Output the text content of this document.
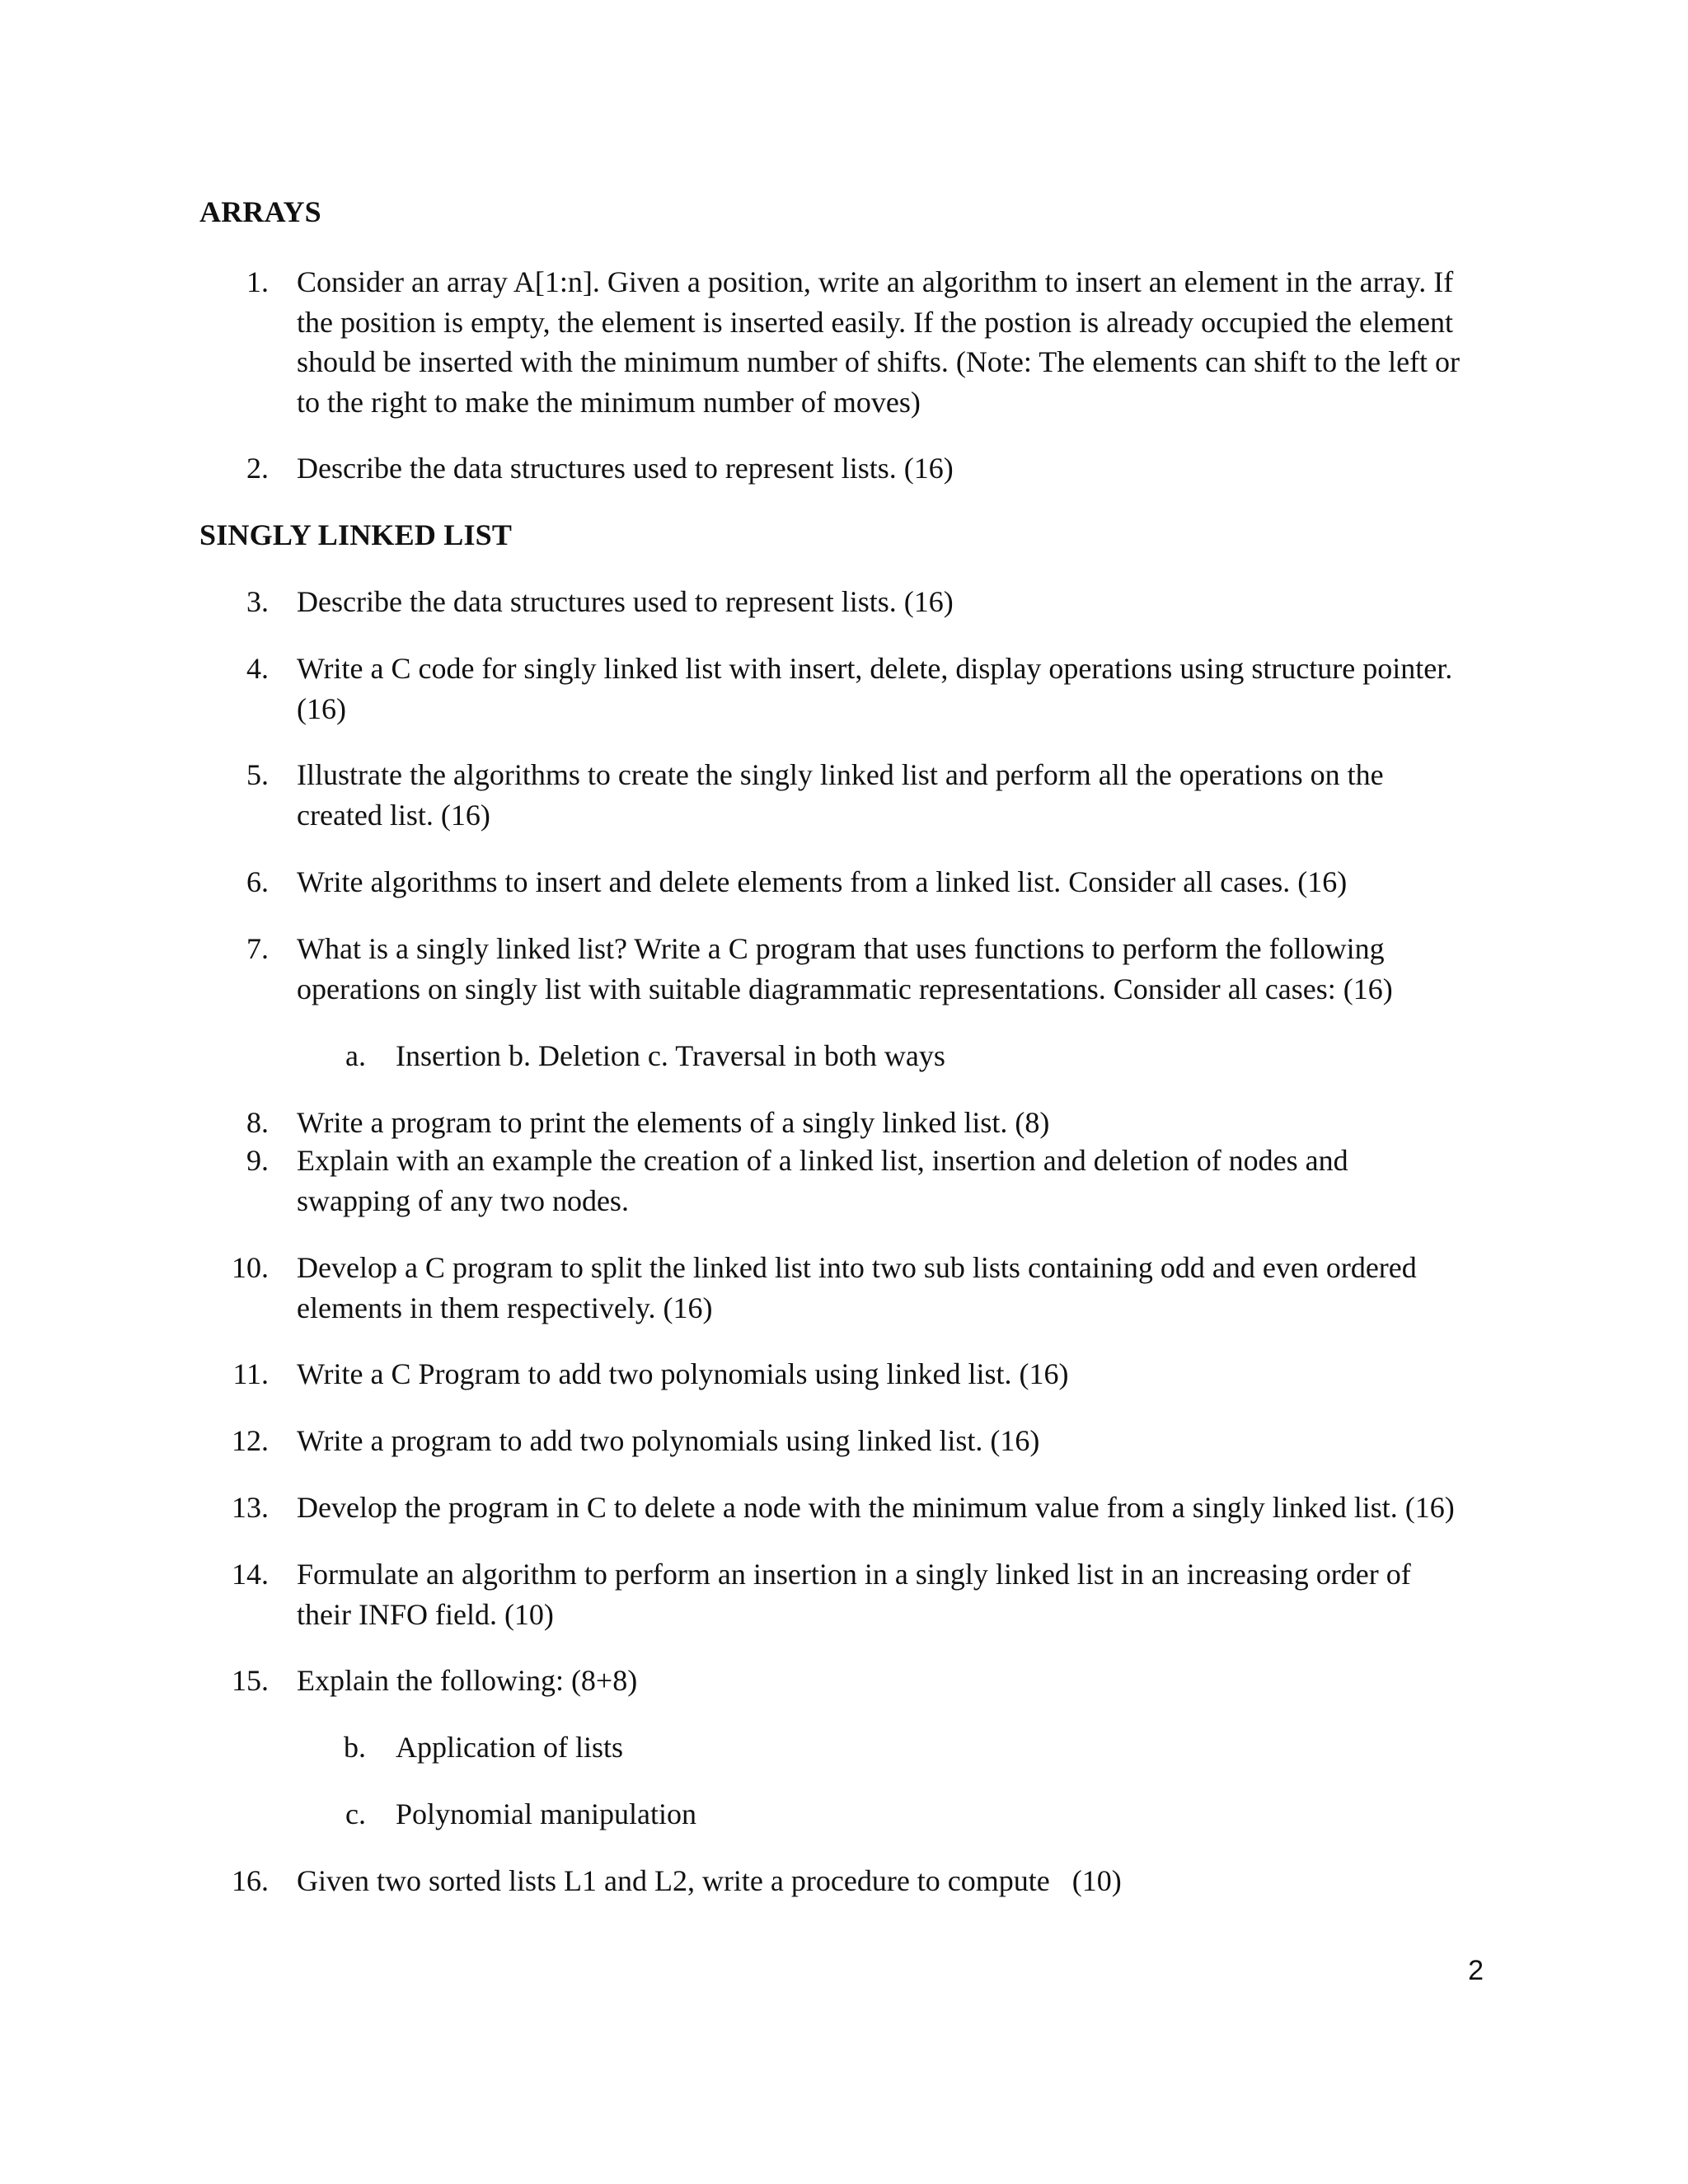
ARRAYS
1. Consider an array A[1:n]. Given a position, write an algorithm to insert an element in the array. If
the position is empty, the element is inserted easily. If the postion is already occupied the element
should be inserted with the minimum number of shifts. (Note: The elements can shift to the left or
to the right to make the minimum number of moves)
2. Describe the data structures used to represent lists. (16)
SINGLY LINKED LIST
3. Describe the data structures used to represent lists. (16)
4. Write a C code for singly linked list with insert, delete, display operations using structure pointer.
(16)
5. Illustrate the algorithms to create the singly linked list and perform all the operations on the
created list. (16)
6. Write algorithms to insert and delete elements from a linked list. Consider all cases. (16)
7. What is a singly linked list? Write a C program that uses functions to perform the following
operations on singly list with suitable diagrammatic representations. Consider all cases: (16)
a. Insertion b. Deletion c. Traversal in both ways
8. Write a program to print the elements of a singly linked list. (8)
9. Explain with an example the creation of a linked list, insertion and deletion of nodes and
swapping of any two nodes.
10. Develop a C program to split the linked list into two sub lists containing odd and even ordered
elements in them respectively. (16)
11. Write a C Program to add two polynomials using linked list. (16)
12. Write a program to add two polynomials using linked list. (16)
13. Develop the program in C to delete a node with the minimum value from a singly linked list. (16)
14. Formulate an algorithm to perform an insertion in a singly linked list in an increasing order of
their INFO field. (10)
15. Explain the following: (8+8)
b. Application of lists
c. Polynomial manipulation
16. Given two sorted lists L1 and L2, write a procedure to compute   (10)
2
